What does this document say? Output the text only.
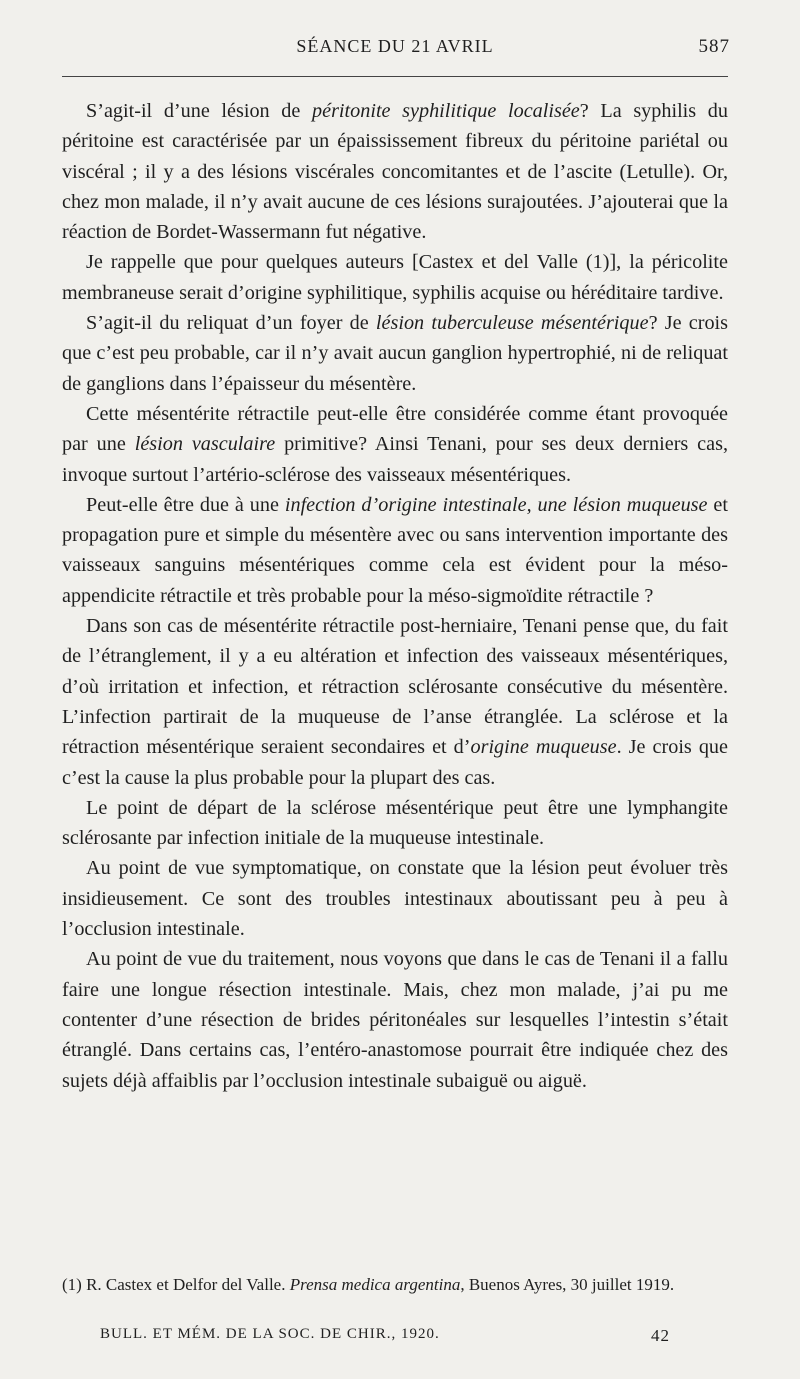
SÉANCE DU 21 AVRIL	587

S’agit-il d’une lésion de péritonite syphilitique localisée? La syphilis du péritoine est caractérisée par un épaississement fibreux du péritoine pariétal ou viscéral ; il y a des lésions viscérales concomitantes et de l’ascite (Letulle). Or, chez mon malade, il n’y avait aucune de ces lésions surajoutées. J’ajouterai que la réaction de Bordet-Wassermann fut négative.

Je rappelle que pour quelques auteurs [Castex et del Valle (1)], la péricolite membraneuse serait d’origine syphilitique, syphilis acquise ou héréditaire tardive.

S’agit-il du reliquat d’un foyer de lésion tuberculeuse mésentérique? Je crois que c’est peu probable, car il n’y avait aucun ganglion hypertrophié, ni de reliquat de ganglions dans l’épaisseur du mésentère.

Cette mésentérite rétractile peut-elle être considérée comme étant provoquée par une lésion vasculaire primitive? Ainsi Tenani, pour ses deux derniers cas, invoque surtout l’artério-sclérose des vaisseaux mésentériques.

Peut-elle être due à une infection d’origine intestinale, une lésion muqueuse et propagation pure et simple du mésentère avec ou sans intervention importante des vaisseaux sanguins mésentériques comme cela est évident pour la méso-appendicite rétractile et très probable pour la méso-sigmoïdite rétractile ?

Dans son cas de mésentérite rétractile post-herniaire, Tenani pense que, du fait de l’étranglement, il y a eu altération et infection des vaisseaux mésentériques, d’où irritation et infection, et rétraction sclérosante consécutive du mésentère. L’infection partirait de la muqueuse de l’anse étranglée. La sclérose et la rétraction mésentérique seraient secondaires et d’origine muqueuse. Je crois que c’est la cause la plus probable pour la plupart des cas.

Le point de départ de la sclérose mésentérique peut être une lymphangite sclérosante par infection initiale de la muqueuse intestinale.

Au point de vue symptomatique, on constate que la lésion peut évoluer très insidieusement. Ce sont des troubles intestinaux aboutissant peu à peu à l’occlusion intestinale.

Au point de vue du traitement, nous voyons que dans le cas de Tenani il a fallu faire une longue résection intestinale. Mais, chez mon malade, j’ai pu me contenter d’une résection de brides péritonéales sur lesquelles l’intestin s’était étranglé. Dans certains cas, l’entéro-anastomose pourrait être indiquée chez des sujets déjà affaiblis par l’occlusion intestinale subaiguë ou aiguë.

(1) R. Castex et Delfor del Valle. Prensa medica argentina, Buenos Ayres, 30 juillet 1919.
BULL. ET MÉM. DE LA SOC. DE CHIR., 1920.	42
